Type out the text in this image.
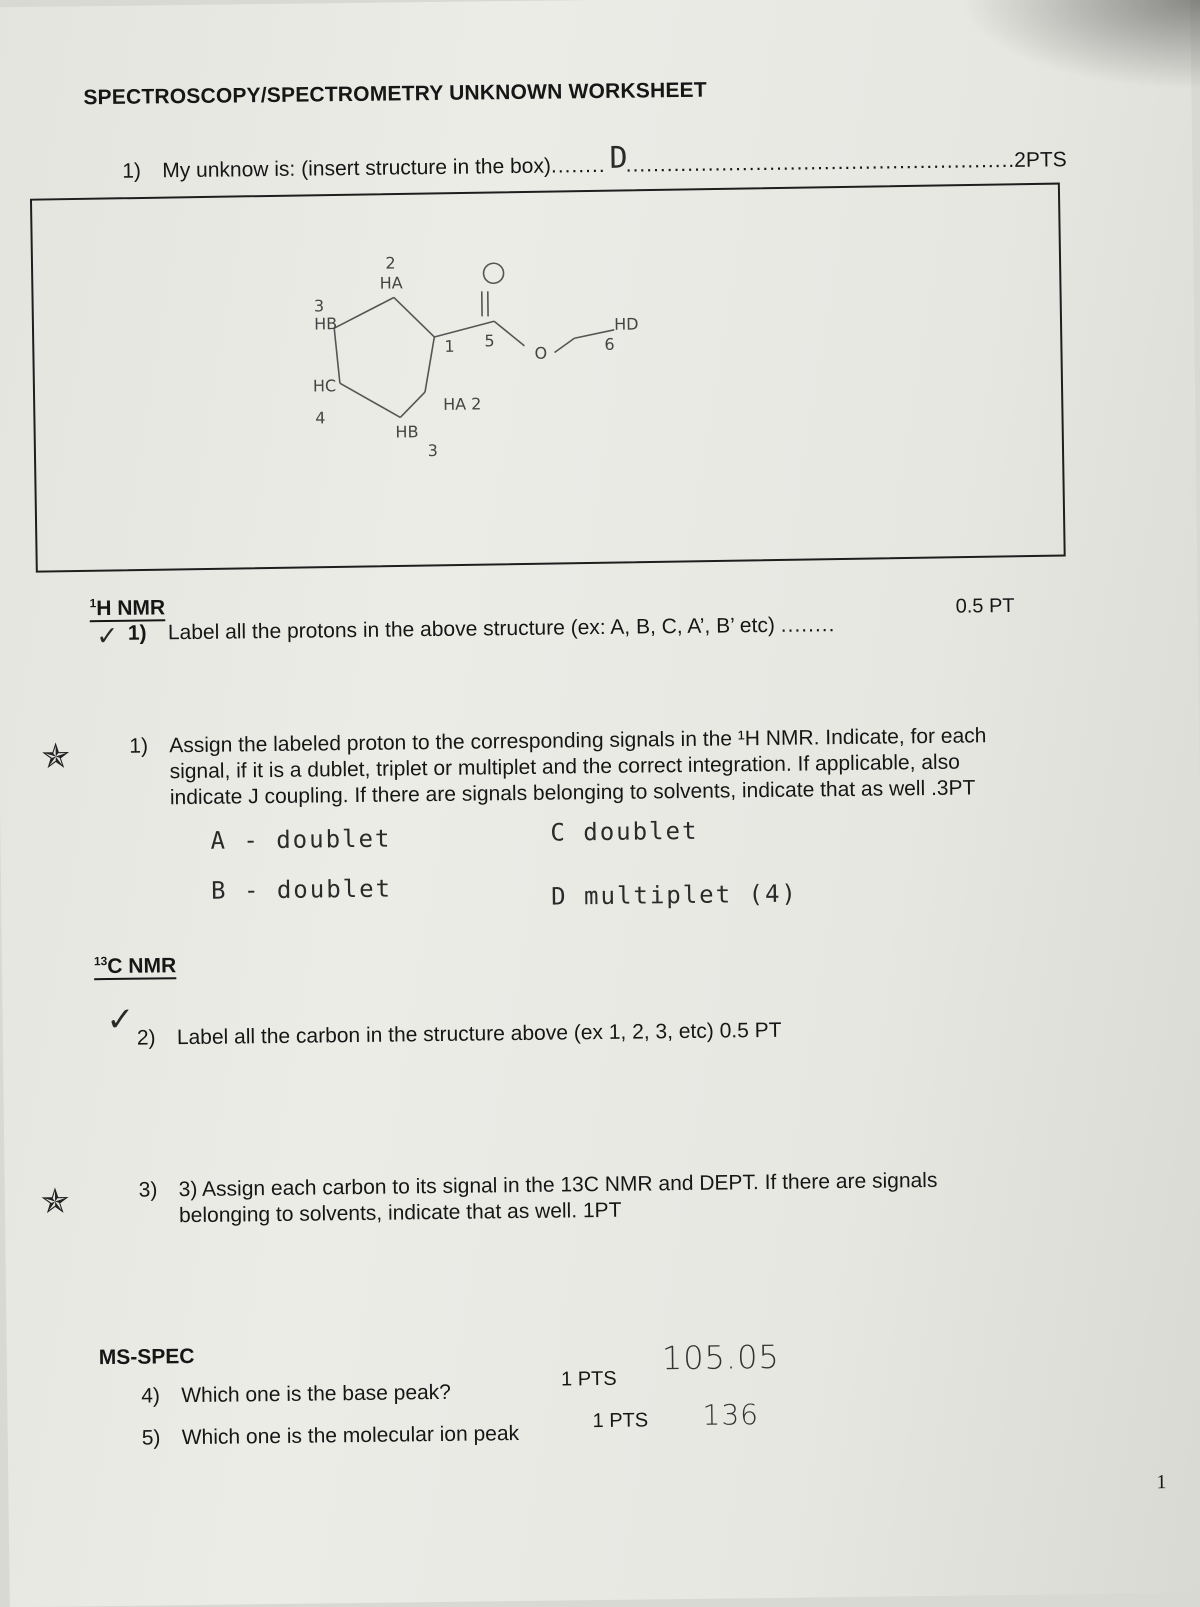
SPECTROSCOPY/SPECTROMETRY UNKNOWN WORKSHEET
1) My unknow is: (insert structure in the box)........ D.........................................................2PTS
2
HA
3
HB
1 5
O
HD
6
HC
4
HA 2
HB
3
$^1$H NMR
✓ 1) Label all the protons in the above structure (ex: A, B, C, A’, B’ etc) ........
0.5 PT
✯	1)	Assign the labeled proton to the corresponding signals in the ¹H NMR. Indicate, for each
signal, if it is a dublet, triplet or multiplet and the correct integration. If applicable, also
indicate J coupling. If there are signals belonging to solvents, indicate that as well .3PT
A - doublet	C doublet
B - doublet	D multiplet (4)
$^{13}$C NMR
✓ 2) Label all the carbon in the structure above (ex 1, 2, 3, etc) 0.5 PT
✯	3) 3) Assign each carbon to its signal in the 13C NMR and DEPT. If there are signals
belonging to solvents, indicate that as well. 1PT
MS-SPEC
4) Which one is the base peak?
1 PTS
105.05
5) Which one is the molecular ion peak
1 PTS 136
1
